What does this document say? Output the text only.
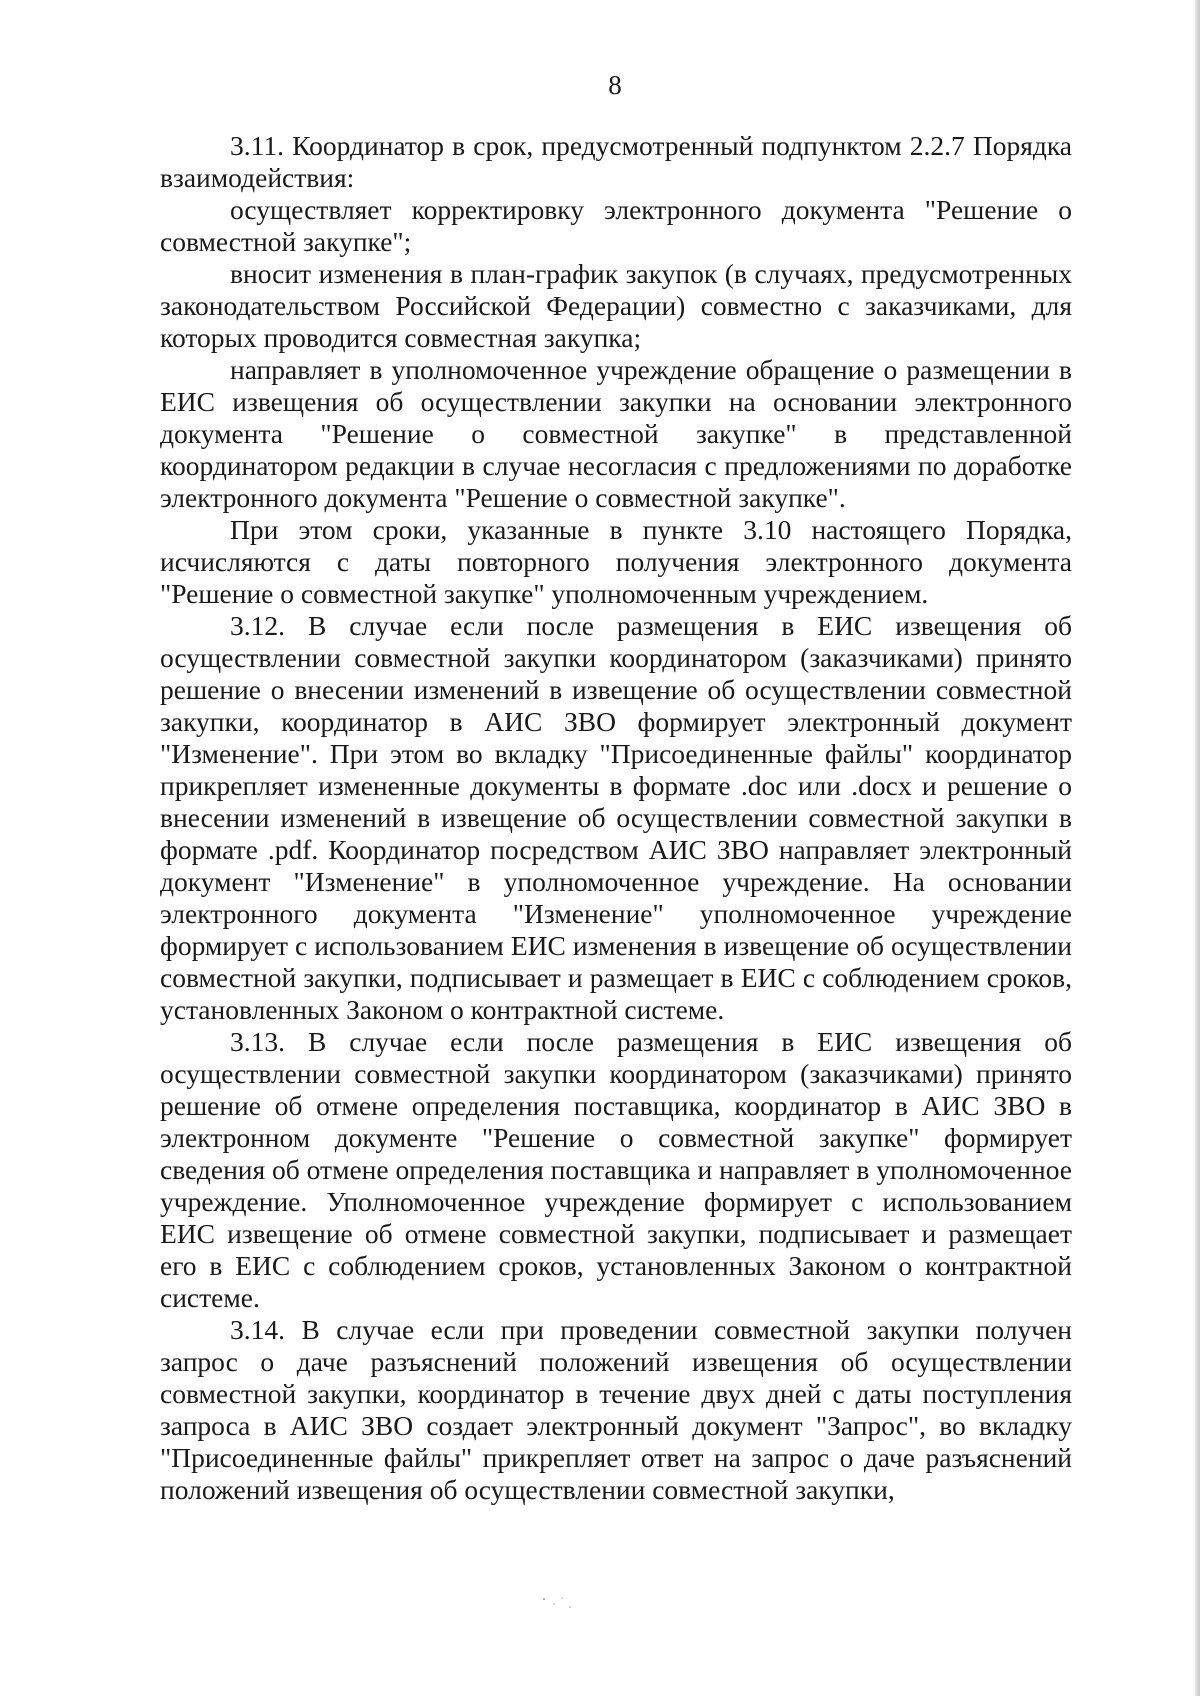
8

3.11. Координатор в срок, предусмотренный подпунктом 2.2.7 Порядка взаимодействия:

осуществляет корректировку электронного документа "Решение о совместной закупке";

вносит изменения в план-график закупок (в случаях, предусмотренных законодательством Российской Федерации) совместно с заказчиками, для которых проводится совместная закупка;

направляет в уполномоченное учреждение обращение о размещении в ЕИС извещения об осуществлении закупки на основании электронного документа "Решение о совместной закупке" в представленной координатором редакции в случае несогласия с предложениями по доработке электронного документа "Решение о совместной закупке".

При этом сроки, указанные в пункте 3.10 настоящего Порядка, исчисляются с даты повторного получения электронного документа "Решение о совместной закупке" уполномоченным учреждением.

3.12. В случае если после размещения в ЕИС извещения об осуществлении совместной закупки координатором (заказчиками) принято решение о внесении изменений в извещение об осуществлении совместной закупки, координатор в АИС ЗВО формирует электронный документ "Изменение". При этом во вкладку "Присоединенные файлы" координатор прикрепляет измененные документы в формате .doc или .docx и решение о внесении изменений в извещение об осуществлении совместной закупки в формате .pdf. Координатор посредством АИС ЗВО направляет электронный документ "Изменение" в уполномоченное учреждение. На основании электронного документа "Изменение" уполномоченное учреждение формирует с использованием ЕИС изменения в извещение об осуществлении совместной закупки, подписывает и размещает в ЕИС с соблюдением сроков, установленных Законом о контрактной системе.

3.13. В случае если после размещения в ЕИС извещения об осуществлении совместной закупки координатором (заказчиками) принято решение об отмене определения поставщика, координатор в АИС ЗВО в электронном документе "Решение о совместной закупке" формирует сведения об отмене определения поставщика и направляет в уполномоченное учреждение. Уполномоченное учреждение формирует с использованием ЕИС извещение об отмене совместной закупки, подписывает и размещает его в ЕИС с соблюдением сроков, установленных Законом о контрактной системе.

3.14. В случае если при проведении совместной закупки получен запрос о даче разъяснений положений извещения об осуществлении совместной закупки, координатор в течение двух дней с даты поступления запроса в АИС ЗВО создает электронный документ "Запрос", во вкладку "Присоединенные файлы" прикрепляет ответ на запрос о даче разъяснений положений извещения об осуществлении совместной закупки,
